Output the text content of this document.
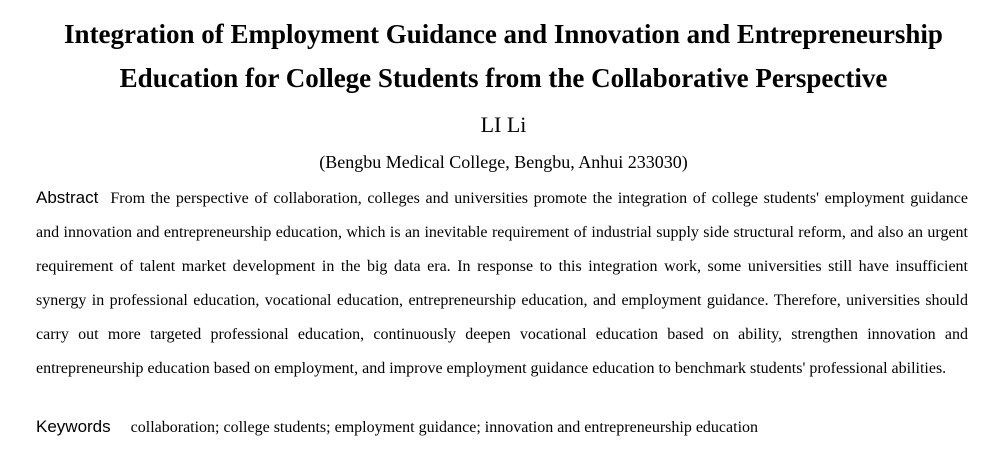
Integration of Employment Guidance and Innovation and Entrepreneurship
Education for College Students from the Collaborative Perspective
LI Li
(Bengbu Medical College, Bengbu, Anhui 233030)
Abstract From the perspective of collaboration, colleges and universities promote the integration of college students' employment guidance and innovation and entrepreneurship education, which is an inevitable requirement of industrial supply side structural reform, and also an urgent requirement of talent market development in the big data era. In response to this integration work, some universities still have insufficient synergy in professional education, vocational education, entrepreneurship education, and employment guidance. Therefore, universities should carry out more targeted professional education, continuously deepen vocational education based on ability, strengthen innovation and entrepreneurship education based on employment, and improve employment guidance education to benchmark students' professional abilities.
Keywords collaboration; college students; employment guidance; innovation and entrepreneurship education
